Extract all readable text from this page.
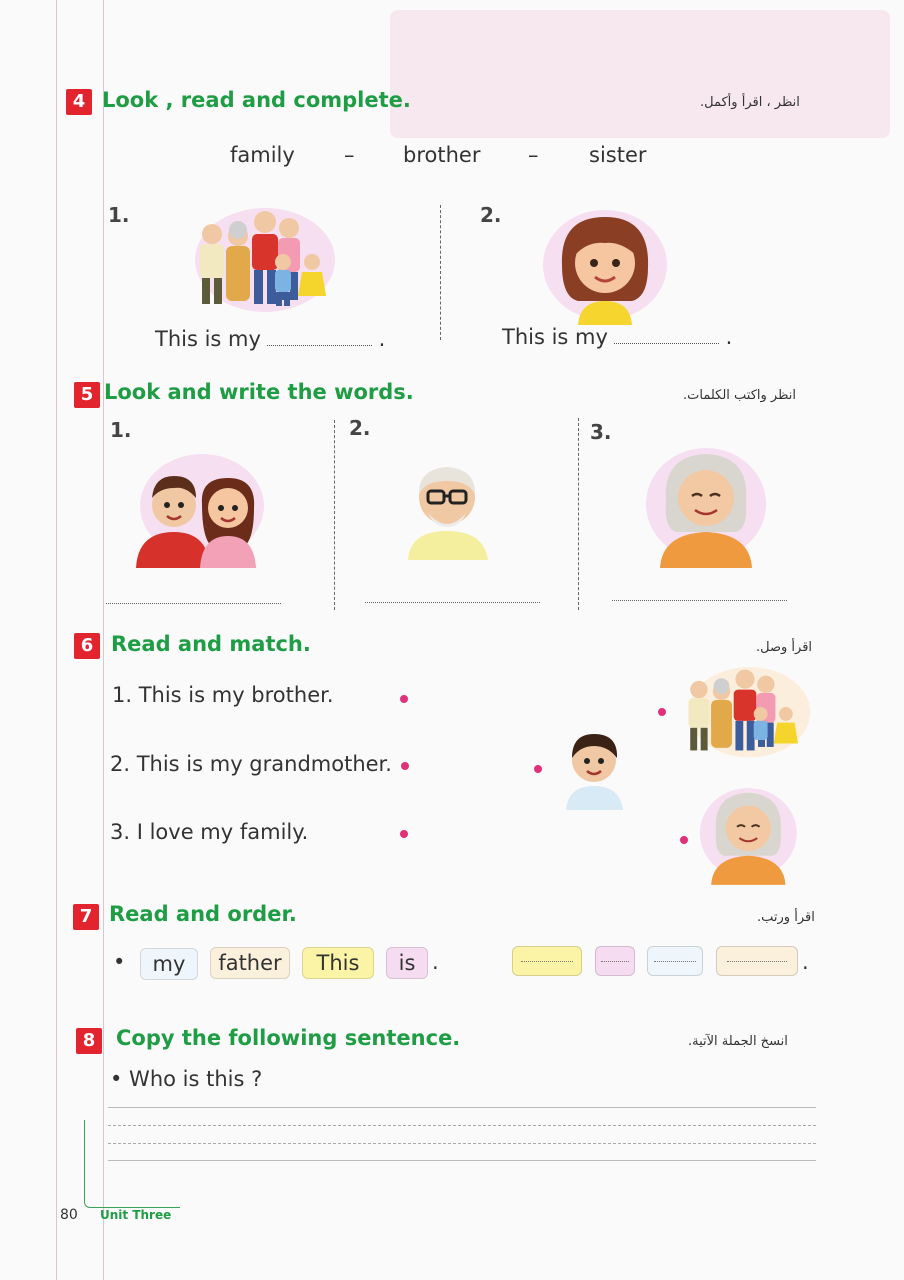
4 Look , read and complete.	انظر ، اقرأ وأكمل.
family – brother – sister
1.	2.
This is my	.	This is my	.
5 Look and write the words.	انظر واكتب الكلمات.
1.	2.	3.
6 Read and match.	اقرأ وصل.
1. This is my brother.
2. This is my grandmother.
3. I love my family.
7 Read and order.	اقرأ ورتب.
•	my	father	This	is .	.
8 Copy the following sentence.	انسخ الجملة الآتية.
• Who is this ?
80 Unit Three
